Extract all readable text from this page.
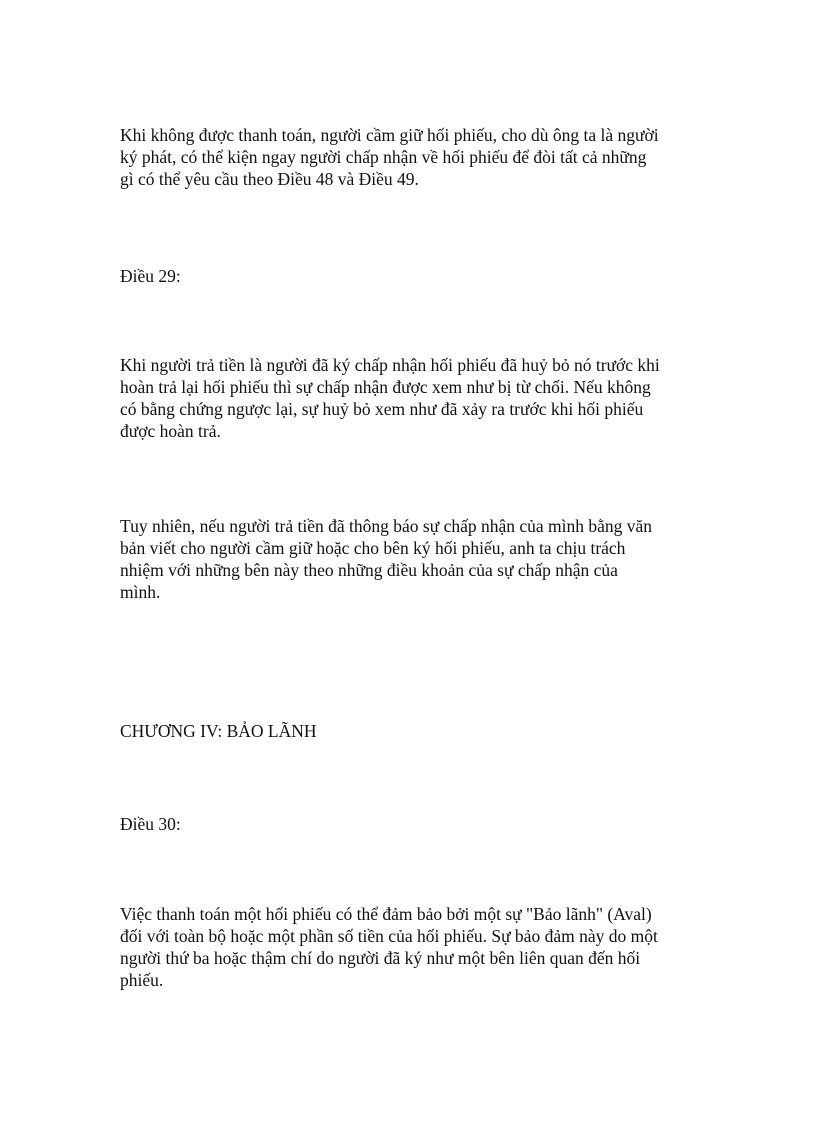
Khi không được thanh toán, người cầm giữ hối phiếu, cho dù ông ta là người
ký phát, có thể kiện ngay người chấp nhận về hối phiếu để đòi tất cả những
gì có thể yêu cầu theo Điều 48 và Điều 49.

Điều 29:

Khi người trả tiền là người đã ký chấp nhận hối phiếu đã huỷ bỏ nó trước khi
hoàn trả lại hối phiếu thì sự chấp nhận được xem như bị từ chối. Nếu không
có bằng chứng ngược lại, sự huỷ bỏ xem như đã xảy ra trước khi hối phiếu
được hoàn trả.

Tuy nhiên, nếu người trả tiền đã thông báo sự chấp nhận của mình bằng văn
bản viết cho người cầm giữ hoặc cho bên ký hối phiếu, anh ta chịu trách
nhiệm với những bên này theo những điều khoản của sự chấp nhận của
mình.

CHƯƠNG IV: BẢO LÃNH

Điều 30:

Việc thanh toán một hối phiếu có thể đảm bảo bởi một sự "Bảo lãnh" (Aval)
đối với toàn bộ hoặc một phần số tiền của hối phiếu. Sự bảo đảm này do một
người thứ ba hoặc thậm chí do người đã ký như một bên liên quan đến hối
phiếu.
